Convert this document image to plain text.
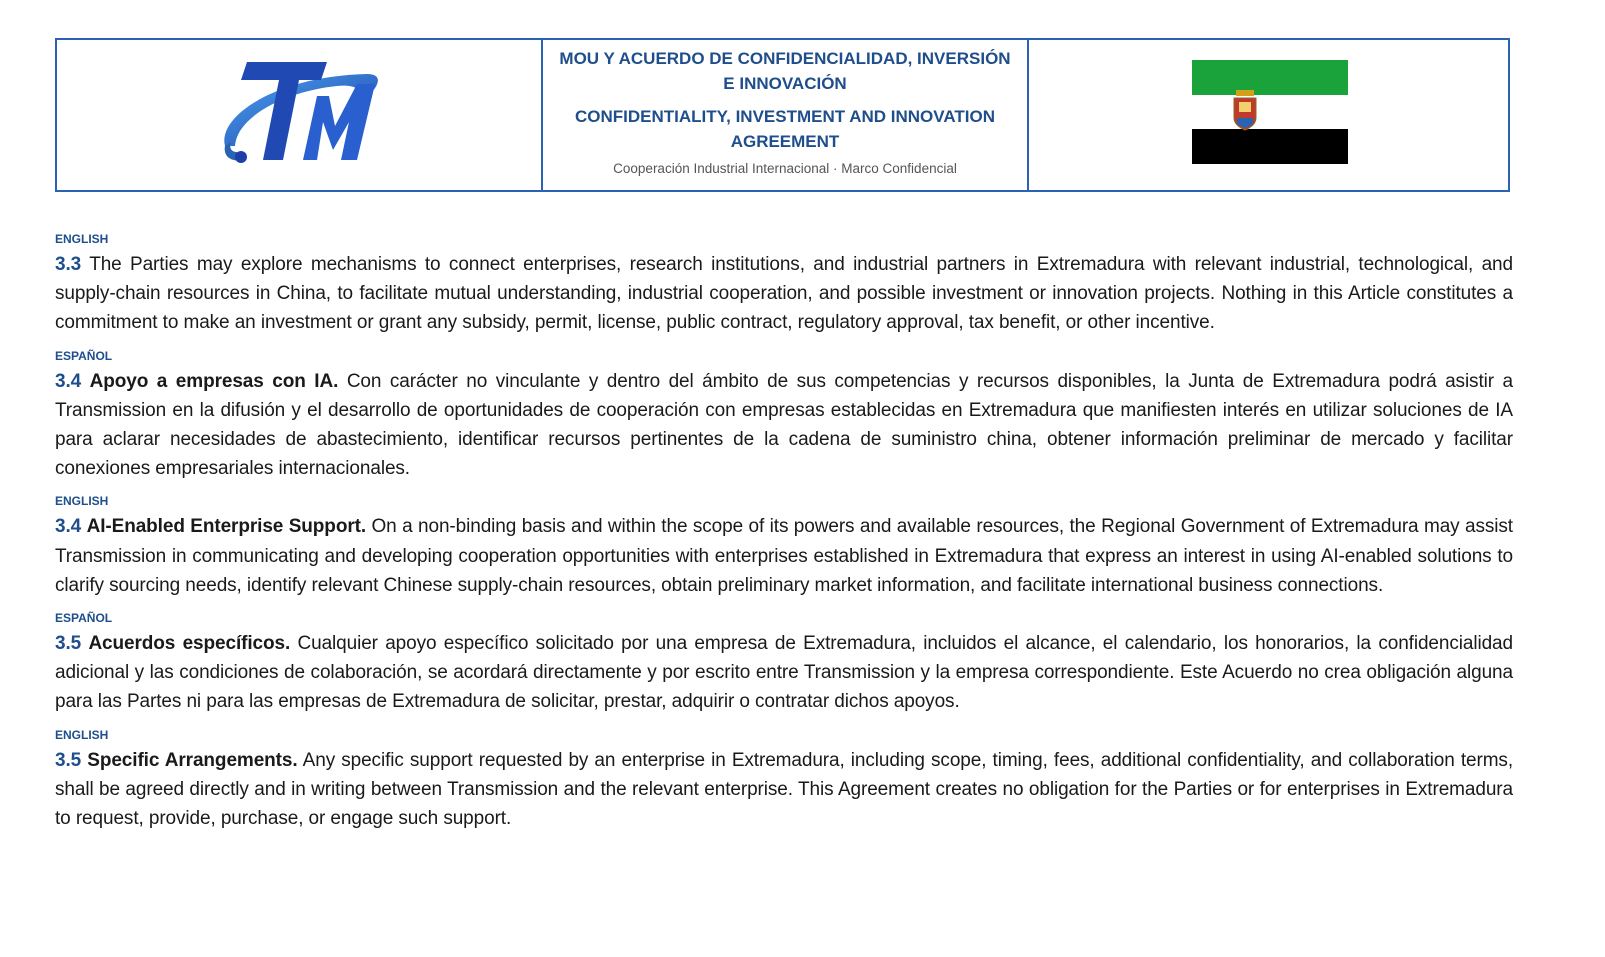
MOU Y ACUERDO DE CONFIDENCIALIDAD, INVERSIÓN E INNOVACIÓN
CONFIDENTIALITY, INVESTMENT AND INNOVATION AGREEMENT
Cooperación Industrial Internacional · Marco Confidencial
ENGLISH

3.3 The Parties may explore mechanisms to connect enterprises, research institutions, and industrial partners in Extremadura with relevant industrial, technological, and supply-chain resources in China, to facilitate mutual understanding, industrial cooperation, and possible investment or innovation projects. Nothing in this Article constitutes a commitment to make an investment or grant any subsidy, permit, license, public contract, regulatory approval, tax benefit, or other incentive.

ESPAÑOL

3.4 Apoyo a empresas con IA. Con carácter no vinculante y dentro del ámbito de sus competencias y recursos disponibles, la Junta de Extremadura podrá asistir a Transmission en la difusión y el desarrollo de oportunidades de cooperación con empresas establecidas en Extremadura que manifiesten interés en utilizar soluciones de IA para aclarar necesidades de abastecimiento, identificar recursos pertinentes de la cadena de suministro china, obtener información preliminar de mercado y facilitar conexiones empresariales internacionales.

ENGLISH

3.4 AI-Enabled Enterprise Support. On a non-binding basis and within the scope of its powers and available resources, the Regional Government of Extremadura may assist Transmission in communicating and developing cooperation opportunities with enterprises established in Extremadura that express an interest in using AI-enabled solutions to clarify sourcing needs, identify relevant Chinese supply-chain resources, obtain preliminary market information, and facilitate international business connections.

ESPAÑOL

3.5 Acuerdos específicos. Cualquier apoyo específico solicitado por una empresa de Extremadura, incluidos el alcance, el calendario, los honorarios, la confidencialidad adicional y las condiciones de colaboración, se acordará directamente y por escrito entre Transmission y la empresa correspondiente. Este Acuerdo no crea obligación alguna para las Partes ni para las empresas de Extremadura de solicitar, prestar, adquirir o contratar dichos apoyos.

ENGLISH

3.5 Specific Arrangements. Any specific support requested by an enterprise in Extremadura, including scope, timing, fees, additional confidentiality, and collaboration terms, shall be agreed directly and in writing between Transmission and the relevant enterprise. This Agreement creates no obligation for the Parties or for enterprises in Extremadura to request, provide, purchase, or engage such support.
